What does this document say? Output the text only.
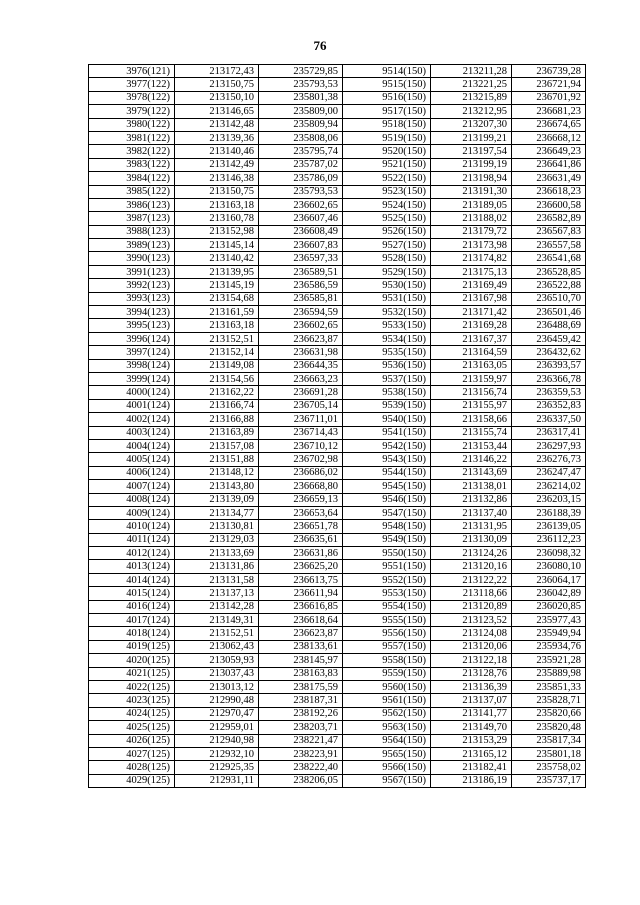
76
3976(121)	213172,43	235729,85	9514(150)	213211,28	236739,28
3977(122)	213150,75	235793,53	9515(150)	213221,25	236721,94
3978(122)	213150,10	235801,38	9516(150)	213215,89	236701,92
3979(122)	213146,65	235809,00	9517(150)	213212,95	236681,23
3980(122)	213142,48	235809,94	9518(150)	213207,30	236674,65
3981(122)	213139,36	235808,06	9519(150)	213199,21	236668,12
3982(122)	213140,46	235795,74	9520(150)	213197,54	236649,23
3983(122)	213142,49	235787,02	9521(150)	213199,19	236641,86
3984(122)	213146,38	235786,09	9522(150)	213198,94	236631,49
3985(122)	213150,75	235793,53	9523(150)	213191,30	236618,23
3986(123)	213163,18	236602,65	9524(150)	213189,05	236600,58
3987(123)	213160,78	236607,46	9525(150)	213188,02	236582,89
3988(123)	213152,98	236608,49	9526(150)	213179,72	236567,83
3989(123)	213145,14	236607,83	9527(150)	213173,98	236557,58
3990(123)	213140,42	236597,33	9528(150)	213174,82	236541,68
3991(123)	213139,95	236589,51	9529(150)	213175,13	236528,85
3992(123)	213145,19	236586,59	9530(150)	213169,49	236522,88
3993(123)	213154,68	236585,81	9531(150)	213167,98	236510,70
3994(123)	213161,59	236594,59	9532(150)	213171,42	236501,46
3995(123)	213163,18	236602,65	9533(150)	213169,28	236488,69
3996(124)	213152,51	236623,87	9534(150)	213167,37	236459,42
3997(124)	213152,14	236631,98	9535(150)	213164,59	236432,62
3998(124)	213149,08	236644,35	9536(150)	213163,05	236393,57
3999(124)	213154,56	236663,23	9537(150)	213159,97	236366,78
4000(124)	213162,22	236691,28	9538(150)	213156,74	236359,53
4001(124)	213166,74	236705,14	9539(150)	213155,97	236352,83
4002(124)	213166,88	236711,01	9540(150)	213158,66	236337,50
4003(124)	213163,89	236714,43	9541(150)	213155,74	236317,41
4004(124)	213157,08	236710,12	9542(150)	213153,44	236297,93
4005(124)	213151,88	236702,98	9543(150)	213146,22	236276,73
4006(124)	213148,12	236686,02	9544(150)	213143,69	236247,47
4007(124)	213143,80	236668,80	9545(150)	213138,01	236214,02
4008(124)	213139,09	236659,13	9546(150)	213132,86	236203,15
4009(124)	213134,77	236653,64	9547(150)	213137,40	236188,39
4010(124)	213130,81	236651,78	9548(150)	213131,95	236139,05
4011(124)	213129,03	236635,61	9549(150)	213130,09	236112,23
4012(124)	213133,69	236631,86	9550(150)	213124,26	236098,32
4013(124)	213131,86	236625,20	9551(150)	213120,16	236080,10
4014(124)	213131,58	236613,75	9552(150)	213122,22	236064,17
4015(124)	213137,13	236611,94	9553(150)	213118,66	236042,89
4016(124)	213142,28	236616,85	9554(150)	213120,89	236020,85
4017(124)	213149,31	236618,64	9555(150)	213123,52	235977,43
4018(124)	213152,51	236623,87	9556(150)	213124,08	235949,94
4019(125)	213062,43	238133,61	9557(150)	213120,06	235934,76
4020(125)	213059,93	238145,97	9558(150)	213122,18	235921,28
4021(125)	213037,43	238163,83	9559(150)	213128,76	235889,98
4022(125)	213013,12	238175,59	9560(150)	213136,39	235851,33
4023(125)	212990,48	238187,31	9561(150)	213137,07	235828,71
4024(125)	212970,47	238192,26	9562(150)	213141,77	235820,66
4025(125)	212959,01	238203,71	9563(150)	213149,70	235820,48
4026(125)	212940,98	238221,47	9564(150)	213153,29	235817,34
4027(125)	212932,10	238223,91	9565(150)	213165,12	235801,18
4028(125)	212925,35	238222,40	9566(150)	213182,41	235758,02
4029(125)	212931,11	238206,05	9567(150)	213186,19	235737,17
